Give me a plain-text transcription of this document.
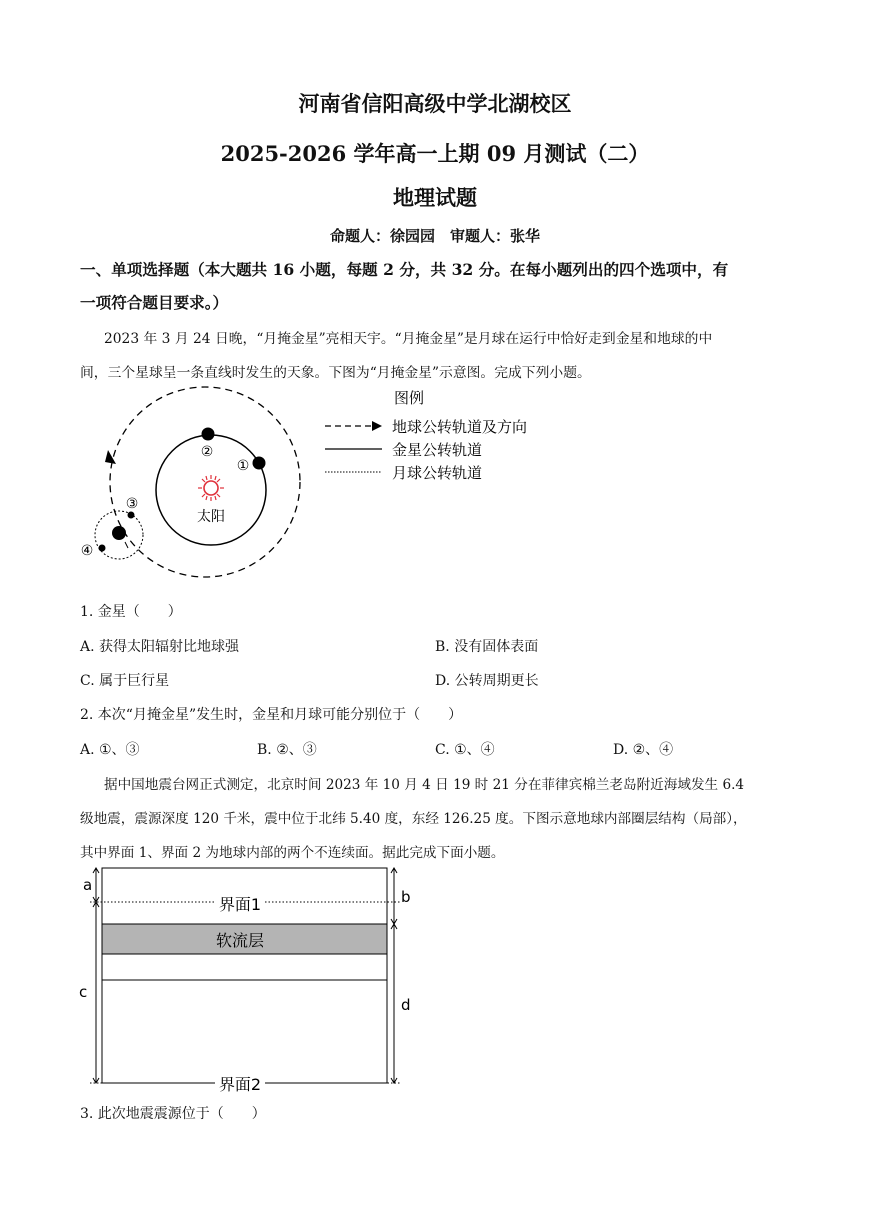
河南省信阳高级中学北湖校区
2025-2026 学年高一上期 09 月测试（二）
地理试题
命题人：徐园园　审题人：张华
一、单项选择题（本大题共 16 小题，每题 2 分，共 32 分。在每小题列出的四个选项中，有
一项符合题目要求。）
2023 年 3 月 24 日晚，“月掩金星”亮相天宇。“月掩金星”是月球在运行中恰好走到金星和地球的中
间，三个星球呈一条直线时发生的天象。下图为“月掩金星”示意图。完成下列小题。
太阳
②
①
③
④
图例
地球公转轨道及方向
金星公转轨道
月球公转轨道
1. 金星（　　）
A. 获得太阳辐射比地球强	B. 没有固体表面
C. 属于巨行星	D. 公转周期更长
2. 本次“月掩金星”发生时，金星和月球可能分别位于（　　）
A. ①、③	B. ②、③	C. ①、④	D. ②、④
据中国地震台网正式测定，北京时间 2023 年 10 月 4 日 19 时 21 分在菲律宾棉兰老岛附近海域发生 6.4
级地震，震源深度 120 千米，震中位于北纬 5.40 度，东经 126.25 度。下图示意地球内部圈层结构（局部），
其中界面 1、界面 2 为地球内部的两个不连续面。据此完成下面小题。
界面1
软流层
界面2
a
c
b
d
3. 此次地震震源位于（　　）
